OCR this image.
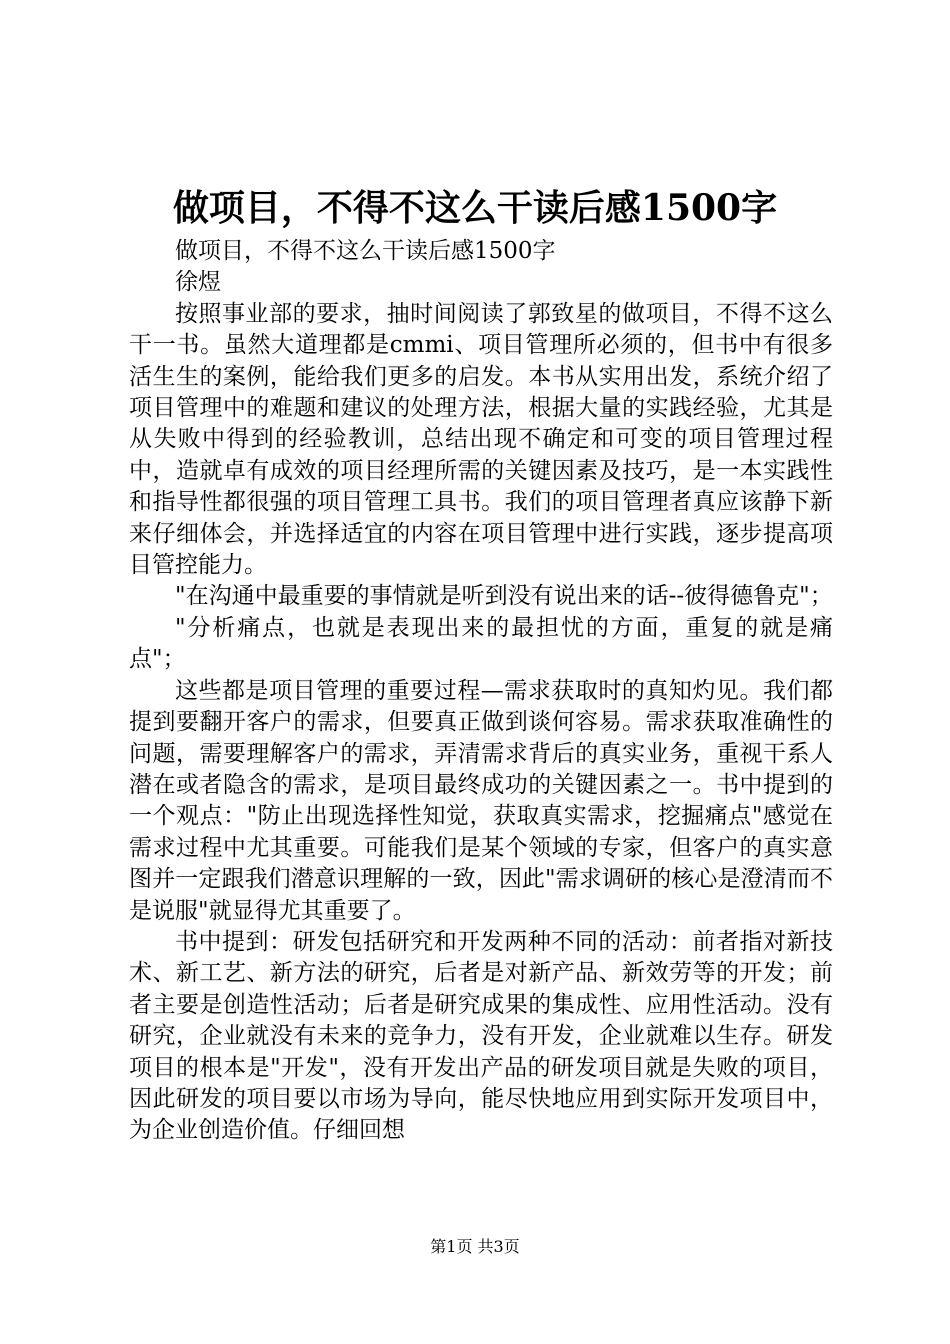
做项目，不得不这么干读后感1500字

做项目，不得不这么干读后感1500字

徐煜

按照事业部的要求，抽时间阅读了郭致星的做项目，不得不这么干一书。虽然大道理都是cmmi、项目管理所必须的，但书中有很多活生生的案例，能给我们更多的启发。本书从实用出发，系统介绍了项目管理中的难题和建议的处理方法，根据大量的实践经验，尤其是从失败中得到的经验教训，总结出现不确定和可变的项目管理过程中，造就卓有成效的项目经理所需的关键因素及技巧，是一本实践性和指导性都很强的项目管理工具书。我们的项目管理者真应该静下新来仔细体会，并选择适宜的内容在项目管理中进行实践，逐步提高项目管控能力。

"在沟通中最重要的事情就是听到没有说出来的话--彼得德鲁克"；

"分析痛点，也就是表现出来的最担忧的方面，重复的就是痛点"；

这些都是项目管理的重要过程—需求获取时的真知灼见。我们都提到要翻开客户的需求，但要真正做到谈何容易。需求获取准确性的问题，需要理解客户的需求，弄清需求背后的真实业务，重视干系人潜在或者隐含的需求，是项目最终成功的关键因素之一。书中提到的一个观点："防止出现选择性知觉，获取真实需求，挖掘痛点"感觉在需求过程中尤其重要。可能我们是某个领域的专家，但客户的真实意图并一定跟我们潜意识理解的一致，因此"需求调研的核心是澄清而不是说服"就显得尤其重要了。

书中提到：研发包括研究和开发两种不同的活动：前者指对新技术、新工艺、新方法的研究，后者是对新产品、新效劳等的开发；前者主要是创造性活动；后者是研究成果的集成性、应用性活动。没有研究，企业就没有未来的竞争力，没有开发，企业就难以生存。研发项目的根本是"开发"，没有开发出产品的研发项目就是失败的项目，因此研发的项目要以市场为导向，能尽快地应用到实际开发项目中，为企业创造价值。仔细回想

第1页 共3页
